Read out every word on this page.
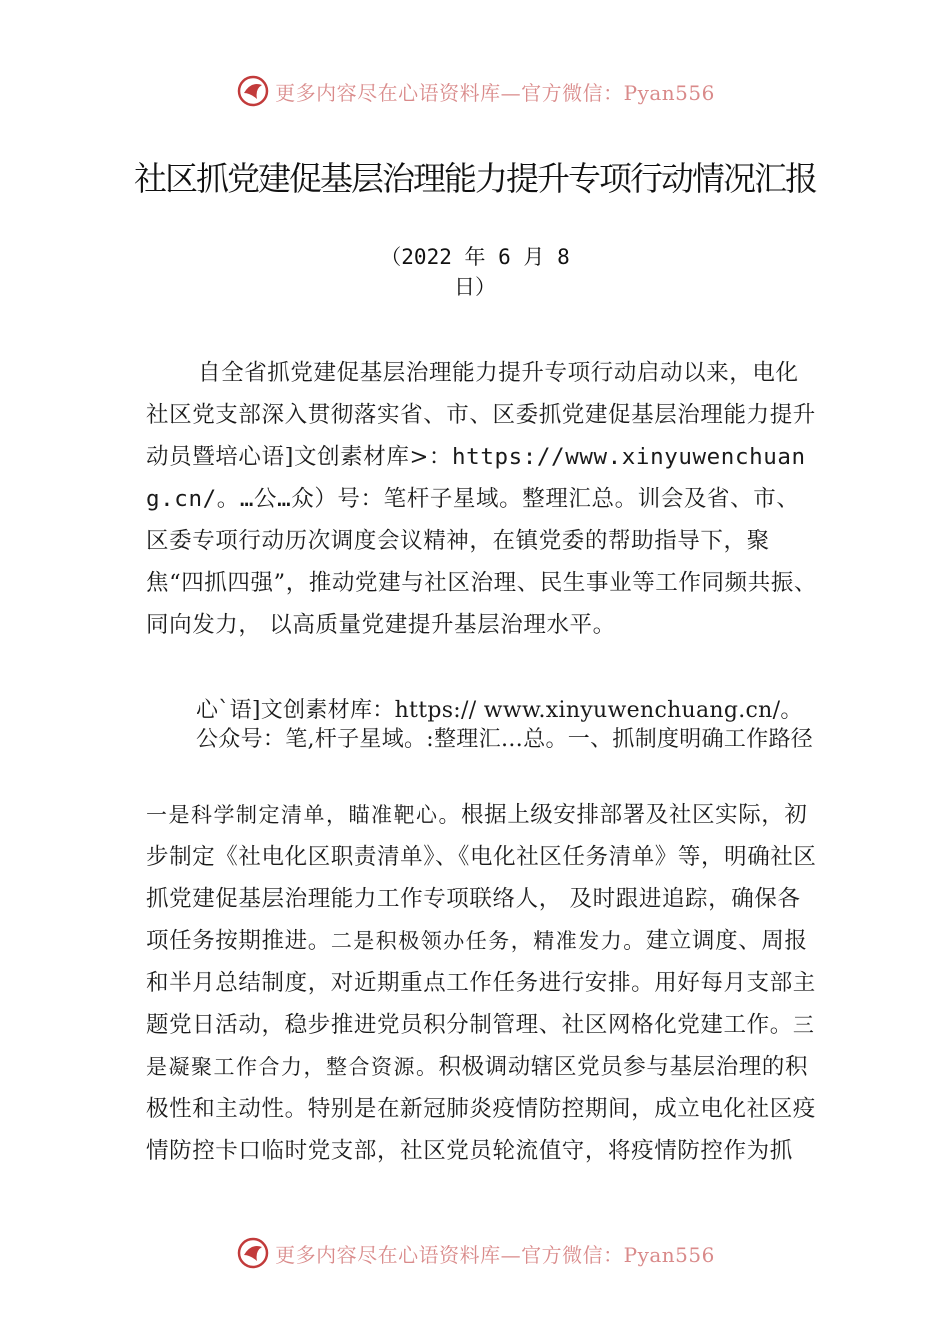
更多内容尽在心语资料库—官方微信：Pyan556
社区抓党建促基层治理能力提升专项行动情况汇报
（2022 年 6 月 8 日）
自全省抓党建促基层治理能力提升专项行动启动以来，电化社区党支部深入贯彻落实省、市、区委抓党建促基层治理能力提升动员暨培心语]文创素材库>：https://www.xinyuwenchuang.cn/。…公…众）号：笔杆子星域。整理汇总。训会及省、市、区委专项行动历次调度会议精神，在镇党委的帮助指导下，聚焦“四抓四强”，推动党建与社区治理、民生事业等工作同频共振、同向发力， 以高质量党建提升基层治理水平。
心`语]文创素材库：https:// www.xinyuwenchuang.cn/。公众号：笔,杆子星域。:整理汇…总。一、抓制度明确工作路径
一是科学制定清单，瞄准靶心。根据上级安排部署及社区实际，初步制定《社电化区职责清单》、《电化社区任务清单》等，明确社区抓党建促基层治理能力工作专项联络人， 及时跟进追踪，确保各项任务按期推进。二是积极领办任务，精准发力。建立调度、周报和半月总结制度，对近期重点工作任务进行安排。用好每月支部主题党日活动，稳步推进党员积分制管理、社区网格化党建工作。三是凝聚工作合力，整合资源。积极调动辖区党员参与基层治理的积极性和主动性。特别是在新冠肺炎疫情防控期间，成立电化社区疫情防控卡口临时党支部，社区党员轮流值守，将疫情防控作为抓
更多内容尽在心语资料库—官方微信：Pyan556
